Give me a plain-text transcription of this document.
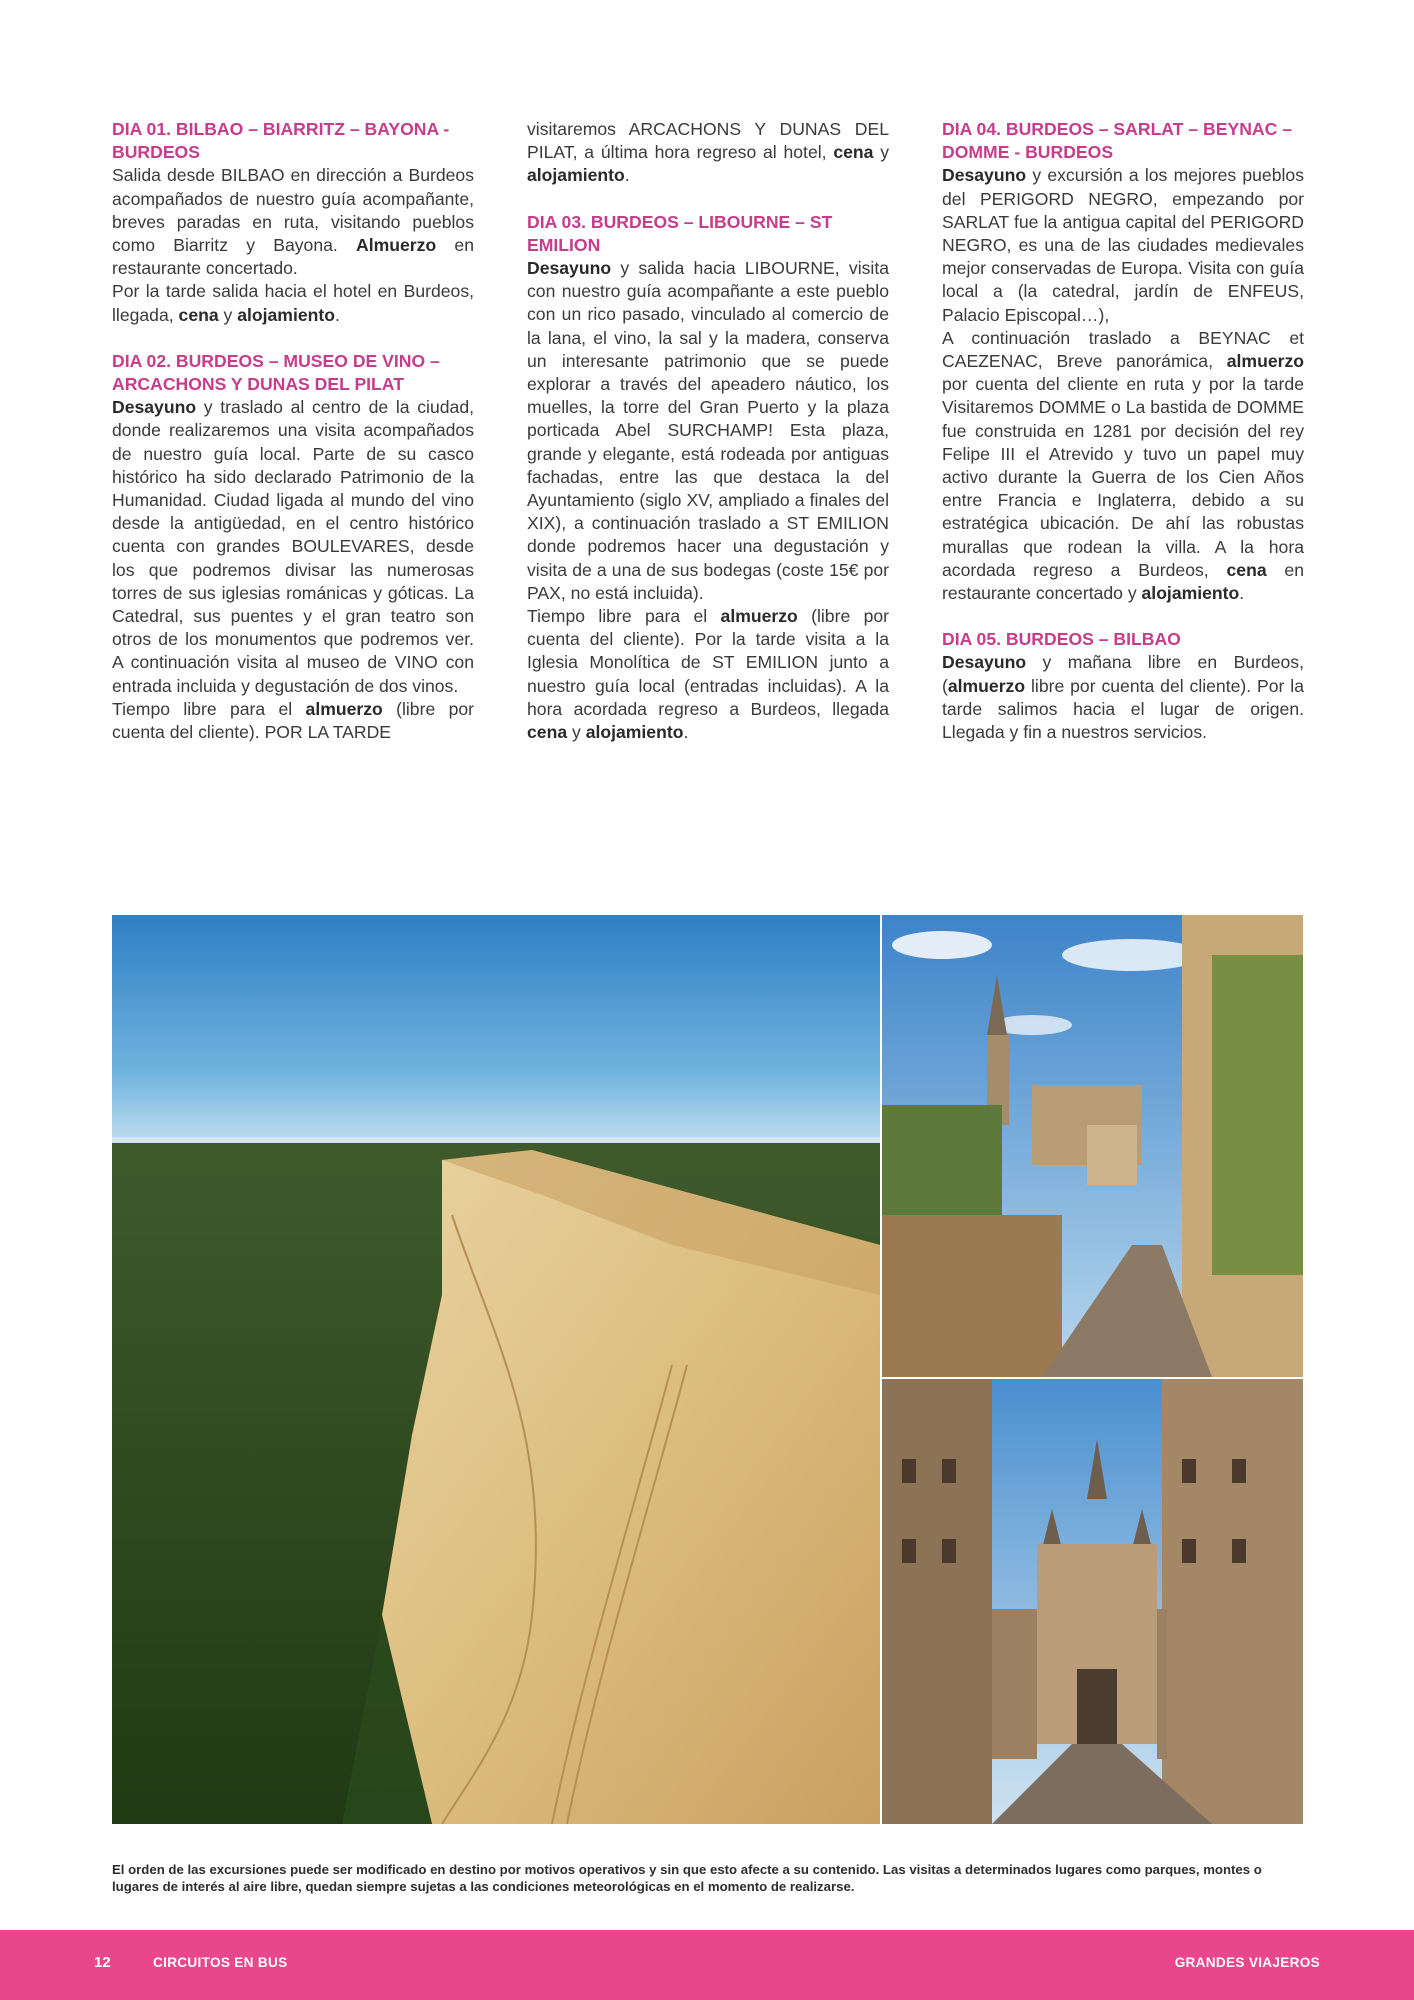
DIA 01. BILBAO – BIARRITZ – BAYONA - BURDEOS

Salida desde BILBAO en dirección a Burdeos acompañados de nuestro guía acompañante, breves paradas en ruta, visitando pueblos como Biarritz y Bayona. Almuerzo en restaurante concertado.

Por la tarde salida hacia el hotel en Burdeos, llegada, cena y alojamiento.

DIA 02. BURDEOS – MUSEO DE VINO – ARCACHONS Y DUNAS DEL PILAT

Desayuno y traslado al centro de la ciudad, donde realizaremos una visita acompañados de nuestro guía local. Parte de su casco histórico ha sido declarado Patrimonio de la Humanidad. Ciudad ligada al mundo del vino desde la antigüedad, en el centro histórico cuenta con grandes BOULEVARES, desde los que podremos divisar las numerosas torres de sus iglesias románicas y góticas. La Catedral, sus puentes y el gran teatro son otros de los monumentos que podremos ver. A continuación visita al museo de VINO con entrada incluida y degustación de dos vinos.

Tiempo libre para el almuerzo (libre por cuenta del cliente). POR LA TARDE

visitaremos ARCACHONS Y DUNAS DEL PILAT, a última hora regreso al hotel, cena y alojamiento.

DIA 03. BURDEOS – LIBOURNE – ST EMILION

Desayuno y salida hacia LIBOURNE, visita con nuestro guía acompañante a este pueblo con un rico pasado, vinculado al comercio de la lana, el vino, la sal y la madera, conserva un interesante patrimonio que se puede explorar a través del apeadero náutico, los muelles, la torre del Gran Puerto y la plaza porticada Abel SURCHAMP! Esta plaza, grande y elegante, está rodeada por antiguas fachadas, entre las que destaca la del Ayuntamiento (siglo XV, ampliado a finales del XIX), a continuación traslado a ST EMILION donde podremos hacer una degustación y visita de a una de sus bodegas (coste 15€ por PAX, no está incluida).

Tiempo libre para el almuerzo (libre por cuenta del cliente). Por la tarde visita a la Iglesia Monolítica de ST EMILION junto a nuestro guía local (entradas incluidas). A la hora acordada regreso a Burdeos, llegada cena y alojamiento.

DIA 04. BURDEOS – SARLAT – BEYNAC – DOMME - BURDEOS

Desayuno y excursión a los mejores pueblos del PERIGORD NEGRO, empezando por SARLAT fue la antigua capital del PERIGORD NEGRO, es una de las ciudades medievales mejor conservadas de Europa. Visita con guía local a (la catedral, jardín de ENFEUS, Palacio Episcopal…),

A continuación traslado a BEYNAC et CAEZENAC, Breve panorámica, almuerzo por cuenta del cliente en ruta y por la tarde Visitaremos DOMME o La bastida de DOMME fue construida en 1281 por decisión del rey Felipe III el Atrevido y tuvo un papel muy activo durante la Guerra de los Cien Años entre Francia e Inglaterra, debido a su estratégica ubicación. De ahí las robustas murallas que rodean la villa. A la hora acordada regreso a Burdeos, cena en restaurante concertado y alojamiento.

DIA 05. BURDEOS – BILBAO

Desayuno y mañana libre en Burdeos, (almuerzo libre por cuenta del cliente). Por la tarde salimos hacia el lugar de origen. Llegada y fin a nuestros servicios.

El orden de las excursiones puede ser modificado en destino por motivos operativos y sin que esto afecte a su contenido. Las visitas a determinados lugares como parques, montes o lugares de interés al aire libre, quedan siempre sujetas a las condiciones meteorológicas en el momento de realizarse.

12	CIRCUITOS EN BUS	GRANDES VIAJEROS
